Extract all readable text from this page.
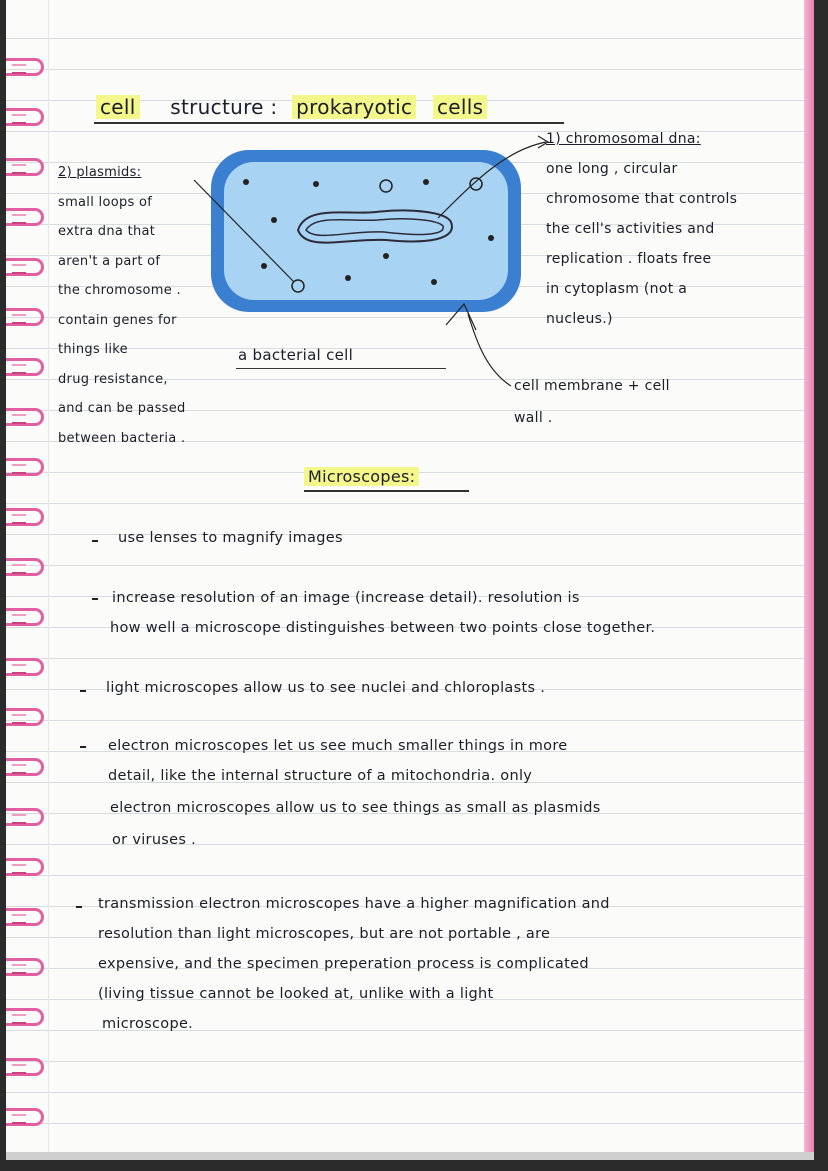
cell structure : prokaryotic cells
a bacterial cell
1) chromosomal dna:
one long , circular
chromosome that controls
the cell's activities and
replication . floats free
in cytoplasm (not a
nucleus.)
2) plasmids:
small loops of
extra dna that
aren't a part of
the chromosome .
contain genes for
things like
drug resistance,
and can be passed
between bacteria .
cell membrane + cell
wall .
Microscopes:
use lenses to magnify images
increase resolution of an image (increase detail). resolution is
how well a microscope distinguishes between two points close together.
light microscopes allow us to see nuclei and chloroplasts .
electron microscopes let us see much smaller things in more
detail, like the internal structure of a mitochondria. only
electron microscopes allow us to see things as small as plasmids
or viruses .
transmission electron microscopes have a higher magnification and
resolution than light microscopes, but are not portable , are
expensive, and the specimen preperation process is complicated
(living tissue cannot be looked at, unlike with a light
microscope.
